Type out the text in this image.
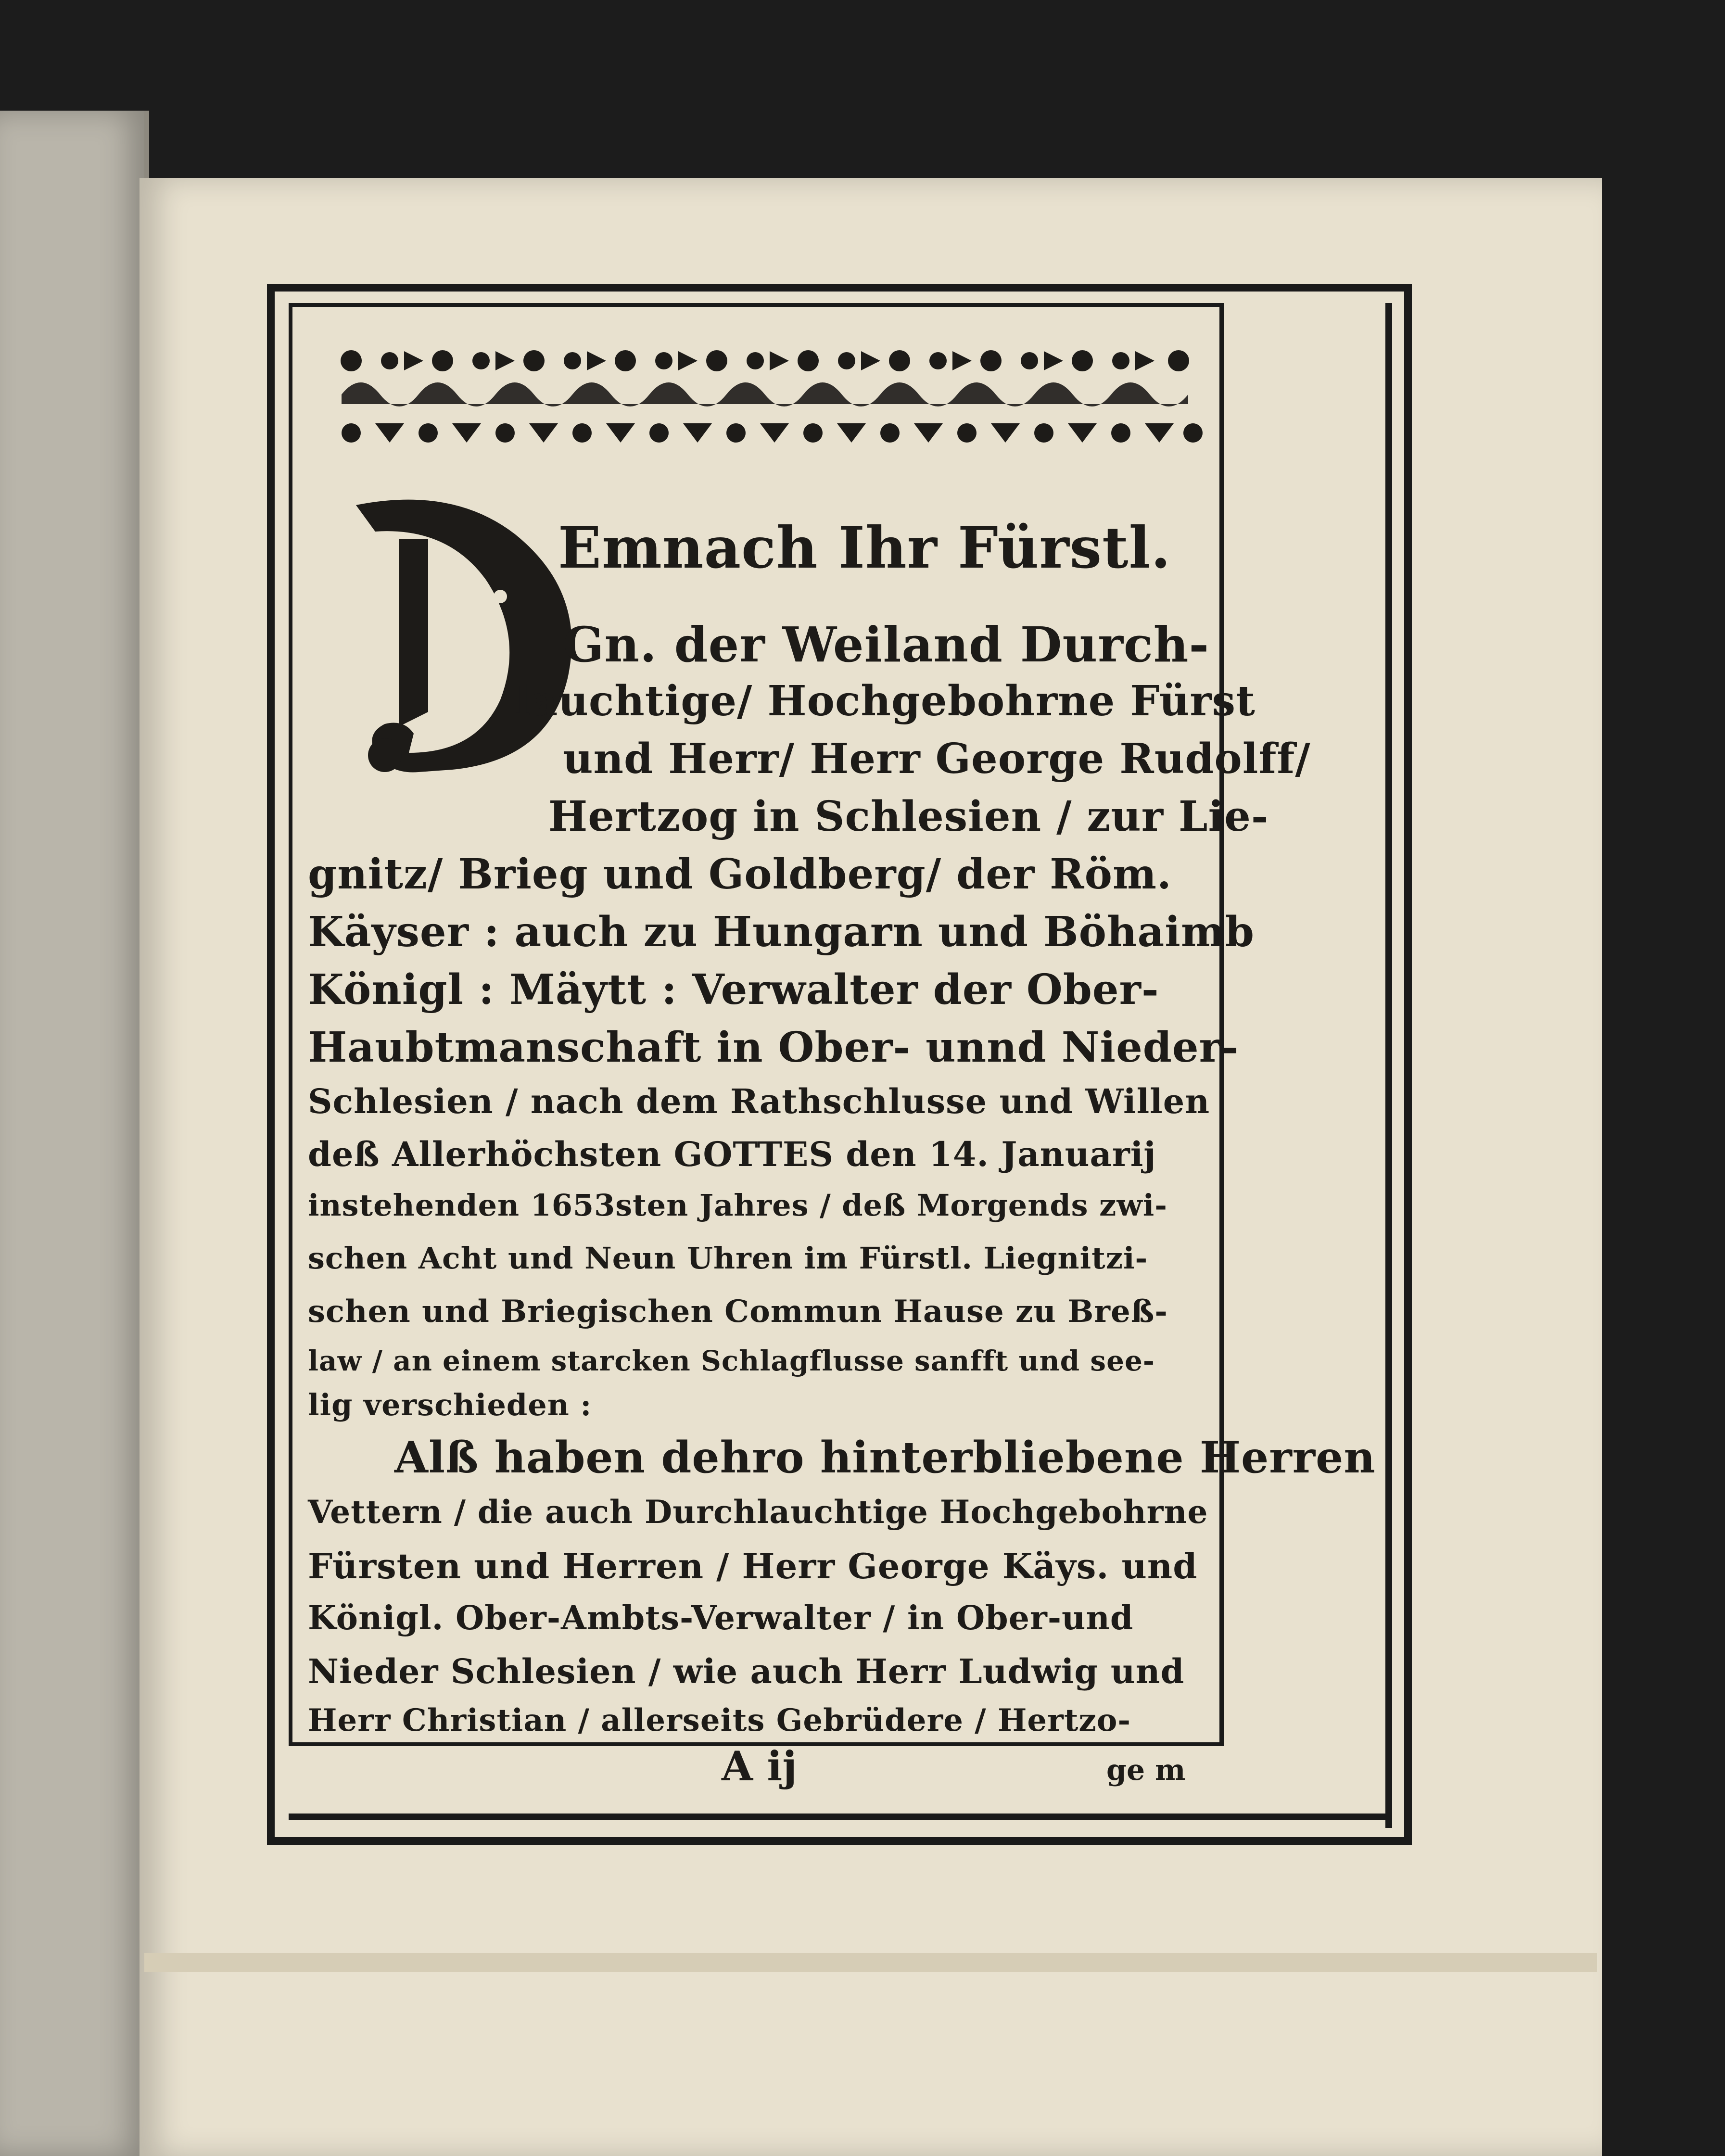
Emnach Ihr Fürstl.
Gn. der Weiland Durch-
lauchtige/ Hochgebohrne Fürst
und Herr/ Herr George Rudolff/
Hertzog in Schlesien / zur Lie-
gnitz/ Brieg und Goldberg/ der Röm.
Käyser : auch zu Hungarn und Böhaimb
Königl : Mäytt : Verwalter der Ober-
Haubtmanschaft in Ober- unnd Nieder-
Schlesien / nach dem Rathschlusse und Willen
deß Allerhöchsten GOTTES den 14. Januarij
instehenden 1653sten Jahres / deß Morgends zwi-
schen Acht und Neun Uhren im Fürstl. Liegnitzi-
schen und Briegischen Commun Hause zu Breß-
law / an einem starcken Schlagflusse sanfft und see-
lig verschieden :
Alß haben dehro hinterbliebene Herren
Vettern / die auch Durchlauchtige Hochgebohrne
Fürsten und Herren / Herr George Käys. und
Königl. Ober-Ambts-Verwalter / in Ober-und
Nieder Schlesien / wie auch Herr Ludwig und
Herr Christian / allerseits Gebrüdere / Hertzo-
A ij	ge m
